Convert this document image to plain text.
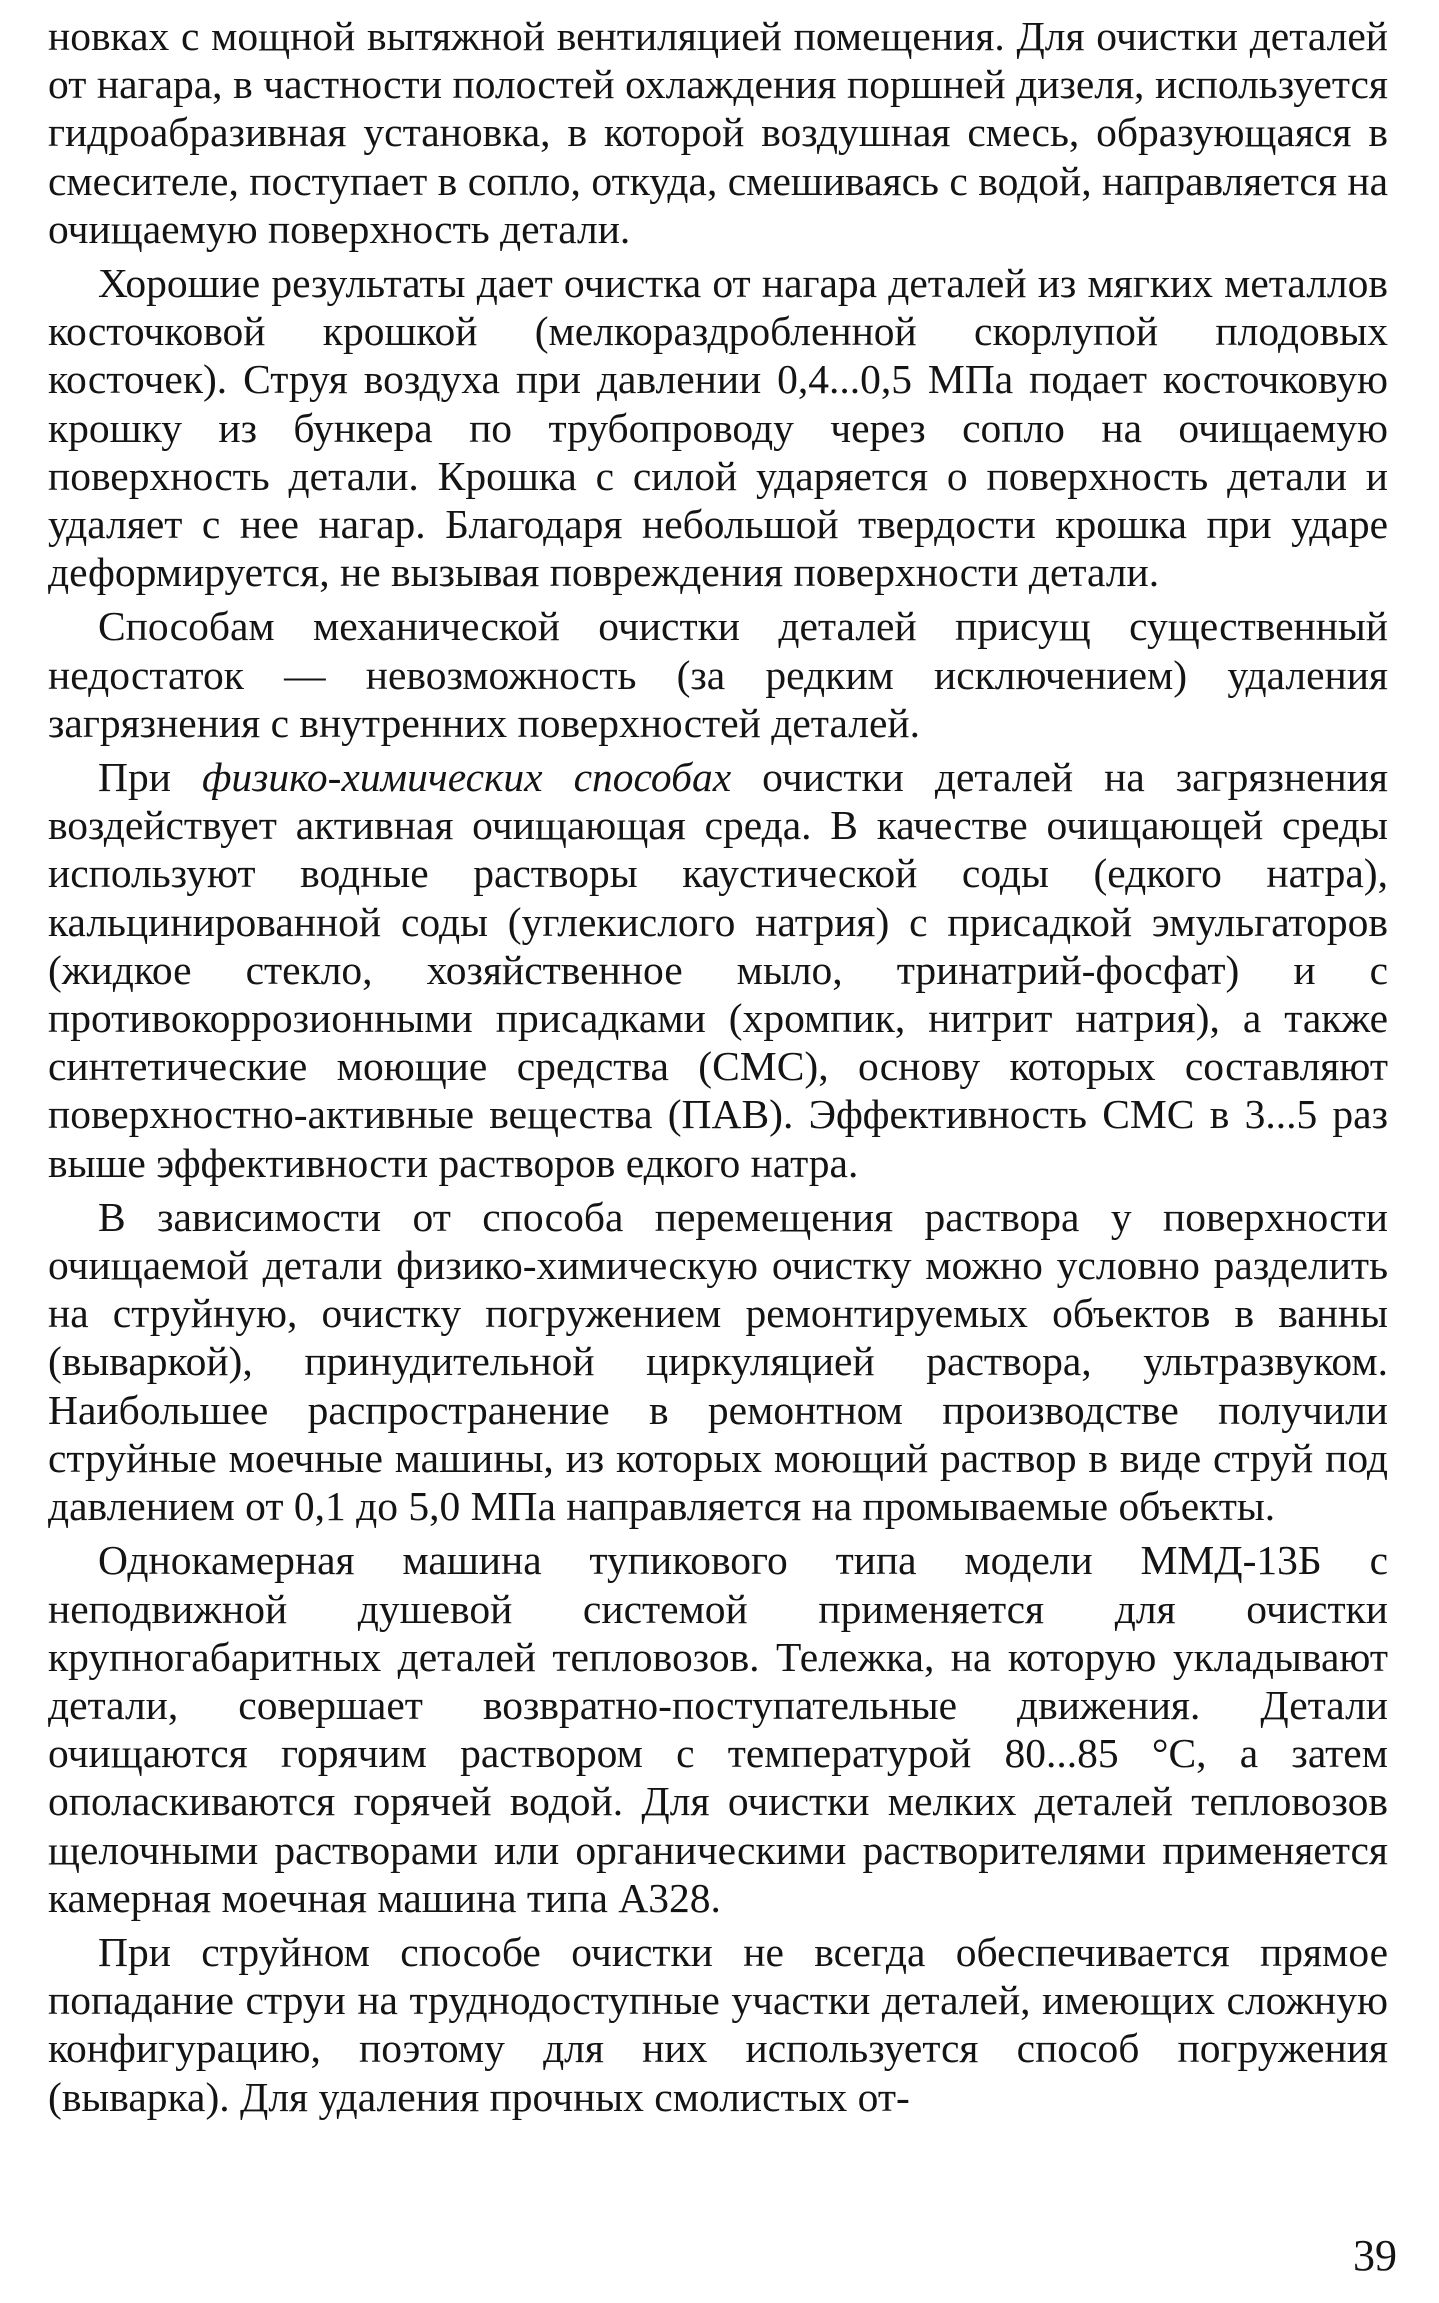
новках с мощной вытяжной вентиляцией помещения. Для очистки деталей от нагара, в частности полостей охлаждения поршней дизеля, используется гидроабразивная установка, в которой воздушная смесь, образующаяся в смесителе, поступает в сопло, откуда, смешиваясь с водой, направляется на очищаемую поверхность детали.

Хорошие результаты дает очистка от нагара деталей из мягких металлов косточковой крошкой (мелкораздробленной скорлупой плодовых косточек). Струя воздуха при давлении 0,4...0,5 МПа подает косточковую крошку из бункера по трубопроводу через сопло на очищаемую поверхность детали. Крошка с силой ударяется о поверхность детали и удаляет с нее нагар. Благодаря небольшой твердости крошка при ударе деформируется, не вызывая повреждения поверхности детали.

Способам механической очистки деталей присущ существенный недостаток — невозможность (за редким исключением) удаления загрязнения с внутренних поверхностей деталей.

При физико-химических способах очистки деталей на загрязнения воздействует активная очищающая среда. В качестве очищающей среды используют водные растворы каустической соды (едкого натра), кальцинированной соды (углекислого натрия) с присадкой эмульгаторов (жидкое стекло, хозяйственное мыло, тринатрий-фосфат) и с противокоррозионными присадками (хромпик, нитрит натрия), а также синтетические моющие средства (СМС), основу которых составляют поверхностно-активные вещества (ПАВ). Эффективность СМС в 3...5 раз выше эффективности растворов едкого натра.

В зависимости от способа перемещения раствора у поверхности очищаемой детали физико-химическую очистку можно условно разделить на струйную, очистку погружением ремонтируемых объектов в ванны (вываркой), принудительной циркуляцией раствора, ультразвуком. Наибольшее распространение в ремонтном производстве получили струйные моечные машины, из которых моющий раствор в виде струй под давлением от 0,1 до 5,0 МПа направляется на промываемые объекты.

Однокамерная машина тупикового типа модели ММД-13Б с неподвижной душевой системой применяется для очистки крупногабаритных деталей тепловозов. Тележка, на которую укладывают детали, совершает возвратно-поступательные движения. Детали очищаются горячим раствором с температурой 80...85 °С, а затем ополаскиваются горячей водой. Для очистки мелких деталей тепловозов щелочными растворами или органическими растворителями применяется камерная моечная машина типа А328.

При струйном способе очистки не всегда обеспечивается прямое попадание струи на труднодоступные участки деталей, имеющих сложную конфигурацию, поэтому для них используется способ погружения (выварка). Для удаления прочных смолистых от-

39
